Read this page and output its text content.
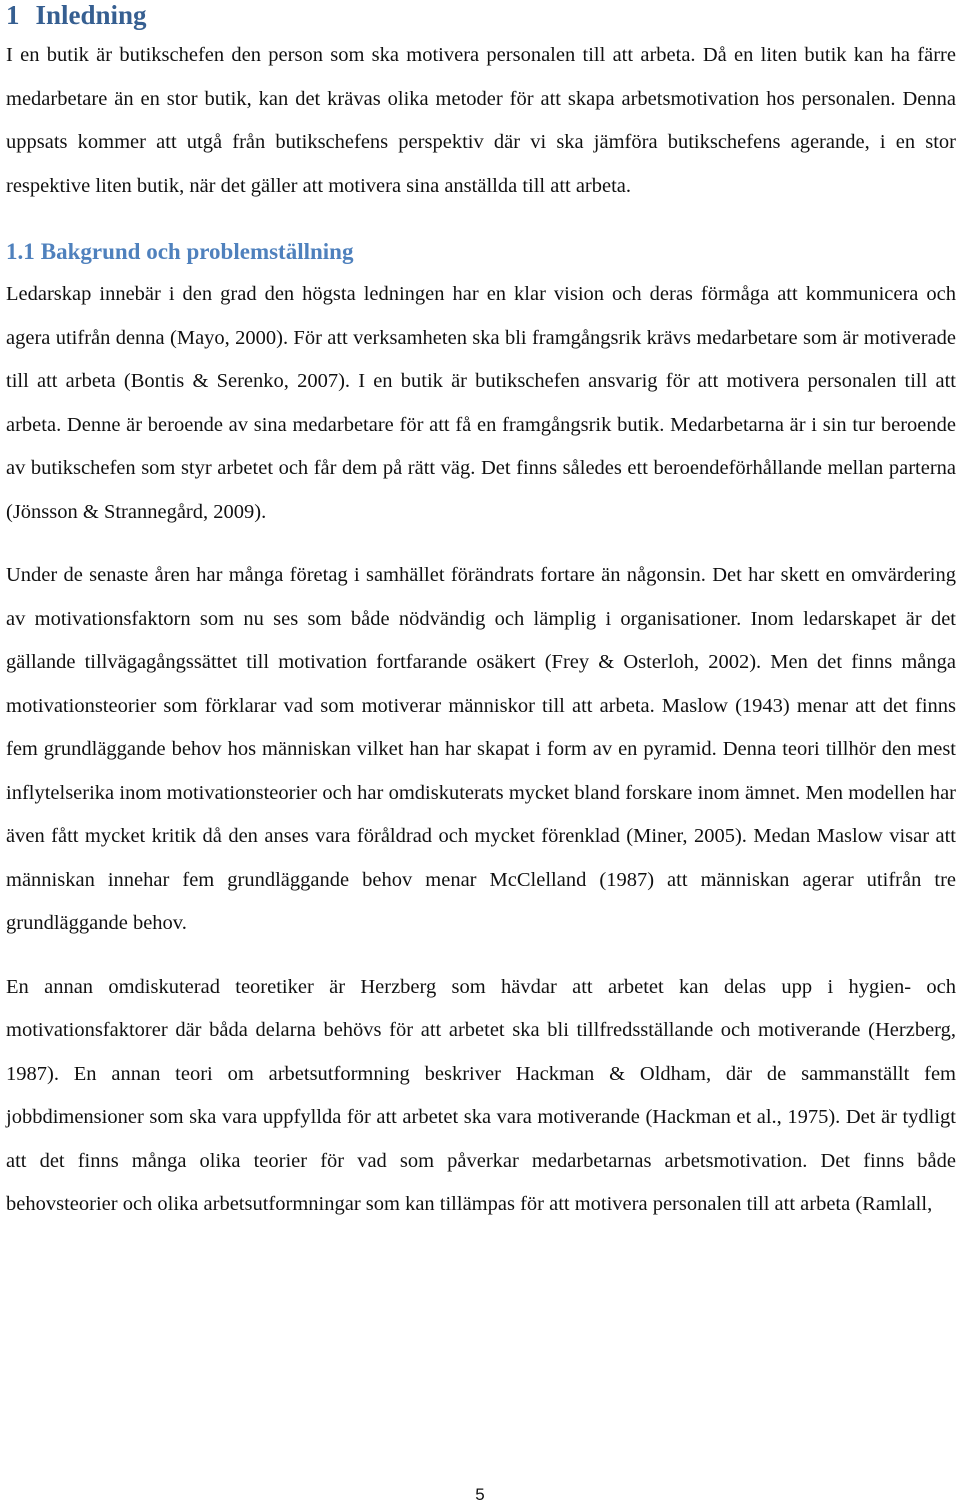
1 Inledning

I en butik är butikschefen den person som ska motivera personalen till att arbeta. Då en liten butik kan ha färre medarbetare än en stor butik, kan det krävas olika metoder för att skapa arbetsmotivation hos personalen. Denna uppsats kommer att utgå från butikschefens perspektiv där vi ska jämföra butikschefens agerande, i en stor respektive liten butik, när det gäller att motivera sina anställda till att arbeta.

1.1 Bakgrund och problemställning

Ledarskap innebär i den grad den högsta ledningen har en klar vision och deras förmåga att kommunicera och agera utifrån denna (Mayo, 2000). För att verksamheten ska bli framgångsrik krävs medarbetare som är motiverade till att arbeta (Bontis & Serenko, 2007). I en butik är butikschefen ansvarig för att motivera personalen till att arbeta. Denne är beroende av sina medarbetare för att få en framgångsrik butik. Medarbetarna är i sin tur beroende av butikschefen som styr arbetet och får dem på rätt väg. Det finns således ett beroendeförhållande mellan parterna (Jönsson & Strannegård, 2009).

Under de senaste åren har många företag i samhället förändrats fortare än någonsin. Det har skett en omvärdering av motivationsfaktorn som nu ses som både nödvändig och lämplig i organisationer. Inom ledarskapet är det gällande tillvägagångssättet till motivation fortfarande osäkert (Frey & Osterloh, 2002). Men det finns många motivationsteorier som förklarar vad som motiverar människor till att arbeta. Maslow (1943) menar att det finns fem grundläggande behov hos människan vilket han har skapat i form av en pyramid. Denna teori tillhör den mest inflytelserika inom motivationsteorier och har omdiskuterats mycket bland forskare inom ämnet. Men modellen har även fått mycket kritik då den anses vara föråldrad och mycket förenklad (Miner, 2005). Medan Maslow visar att människan innehar fem grundläggande behov menar McClelland (1987) att människan agerar utifrån tre grundläggande behov.

En annan omdiskuterad teoretiker är Herzberg som hävdar att arbetet kan delas upp i hygien- och motivationsfaktorer där båda delarna behövs för att arbetet ska bli tillfredsställande och motiverande (Herzberg, 1987). En annan teori om arbetsutformning beskriver Hackman & Oldham, där de sammanställt fem jobbdimensioner som ska vara uppfyllda för att arbetet ska vara motiverande (Hackman et al., 1975). Det är tydligt att det finns många olika teorier för vad som påverkar medarbetarnas arbetsmotivation. Det finns både behovsteorier och olika arbetsutformningar som kan tillämpas för att motivera personalen till att arbeta (Ramlall,

5
